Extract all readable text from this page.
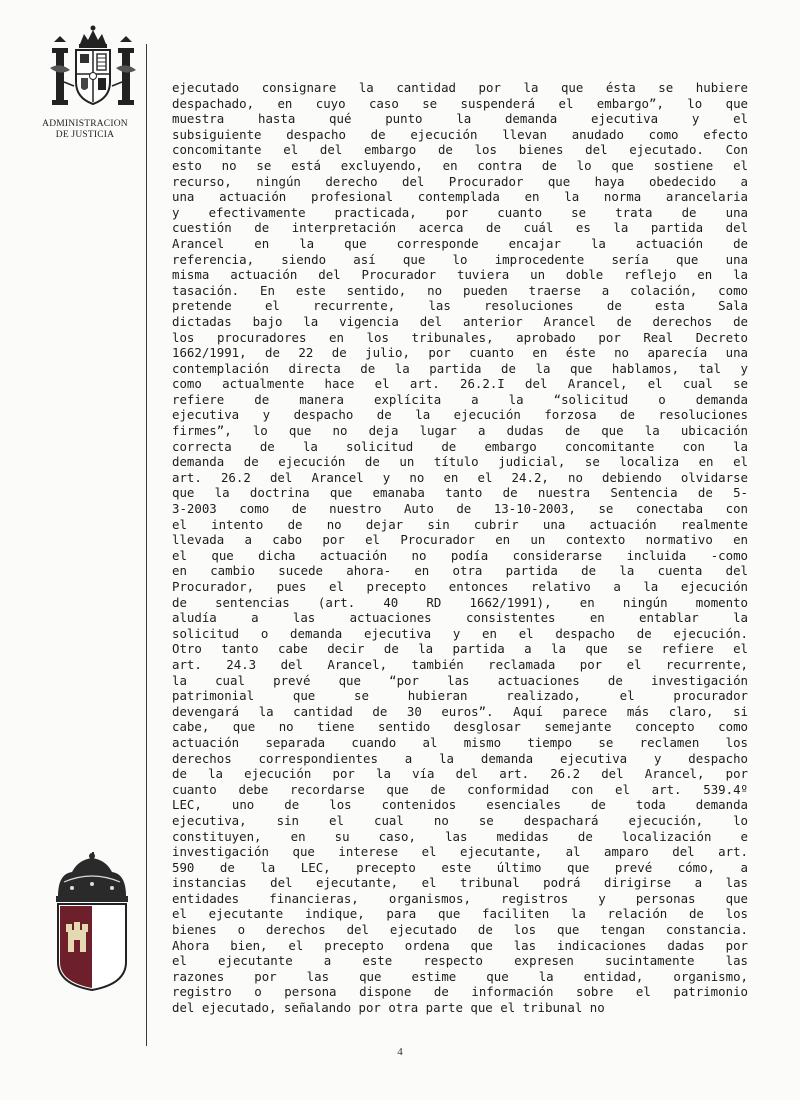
ADMINISTRACION
DE JUSTICIA
ejecutado consignare la cantidad por la que ésta se hubiere
despachado, en cuyo caso se suspenderá el embargo”, lo que
muestra hasta qué punto la demanda ejecutiva y el
subsiguiente despacho de ejecución llevan anudado como efecto
concomitante el del embargo de los bienes del ejecutado. Con
esto no se está excluyendo, en contra de lo que sostiene el
recurso, ningún derecho del Procurador que haya obedecido a
una actuación profesional contemplada en la norma arancelaria
y efectivamente practicada, por cuanto se trata de una
cuestión de interpretación acerca de cuál es la partida del
Arancel en la que corresponde encajar la actuación de
referencia, siendo así que lo improcedente sería que una
misma actuación del Procurador tuviera un doble reflejo en la
tasación. En este sentido, no pueden traerse a colación, como
pretende el recurrente, las resoluciones de esta Sala
dictadas bajo la vigencia del anterior Arancel de derechos de
los procuradores en los tribunales, aprobado por Real Decreto
1662/1991, de 22 de julio, por cuanto en éste no aparecía una
contemplación directa de la partida de la que hablamos, tal y
como actualmente hace el art. 26.2.I del Arancel, el cual se
refiere de manera explícita a la “solicitud o demanda
ejecutiva y despacho de la ejecución forzosa de resoluciones
firmes”, lo que no deja lugar a dudas de que la ubicación
correcta de la solicitud de embargo concomitante con la
demanda de ejecución de un título judicial, se localiza en el
art. 26.2 del Arancel y no en el 24.2, no debiendo olvidarse
que la doctrina que emanaba tanto de nuestra Sentencia de 5-
3-2003 como de nuestro Auto de 13-10-2003, se conectaba con
el intento de no dejar sin cubrir una actuación realmente
llevada a cabo por el Procurador en un contexto normativo en
el que dicha actuación no podía considerarse incluida -como
en cambio sucede ahora- en otra partida de la cuenta del
Procurador, pues el precepto entonces relativo a la ejecución
de sentencias (art. 40 RD 1662/1991), en ningún momento
aludía a las actuaciones consistentes en entablar la
solicitud o demanda ejecutiva y en el despacho de ejecución.
Otro tanto cabe decir de la partida a la que se refiere el
art. 24.3 del Arancel, también reclamada por el recurrente,
la cual prevé que “por las actuaciones de investigación
patrimonial que se hubieran realizado, el procurador
devengará la cantidad de 30 euros”. Aquí parece más claro, si
cabe, que no tiene sentido desglosar semejante concepto como
actuación separada cuando al mismo tiempo se reclamen los
derechos correspondientes a la demanda ejecutiva y despacho
de la ejecución por la vía del art. 26.2 del Arancel, por
cuanto debe recordarse que de conformidad con el art. 539.4º
LEC, uno de los contenidos esenciales de toda demanda
ejecutiva, sin el cual no se despachará ejecución, lo
constituyen, en su caso, las medidas de localización e
investigación que interese el ejecutante, al amparo del art.
590 de la LEC, precepto este último que prevé cómo, a
instancias del ejecutante, el tribunal podrá dirigirse a las
entidades financieras, organismos, registros y personas que
el ejecutante indique, para que faciliten la relación de los
bienes o derechos del ejecutado de los que tengan constancia.
Ahora bien, el precepto ordena que las indicaciones dadas por
el ejecutante a este respecto expresen sucintamente las
razones por las que estime que la entidad, organismo,
registro o persona dispone de información sobre el patrimonio
del ejecutado, señalando por otra parte que el tribunal no
4
